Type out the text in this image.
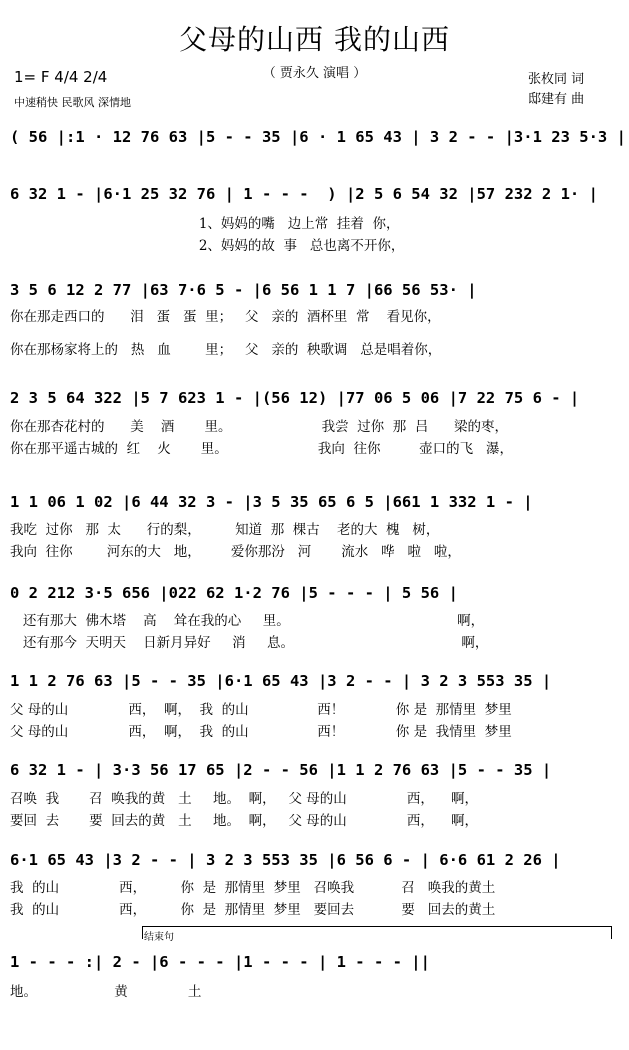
父母的山西 我的山西
（ 贾永久 演唱 ）
1= F 4/4 2/4
中速稍快 民歌风 深情地
张枚同 词
邸建有 曲
( 56 |:1 · 12 76 63 |5 - - 35 |6 · 1 65 43 | 3 2 - - |3·1 23 5·3 |
6 32 1 - |6·1 25 32 76 | 1 - - -  ) |2 5 6 54 32 |57 232 2 1· |
1、妈妈的嘴   边上常  挂着  你，
2、妈妈的故  事   总也离不开你，
3 5 6 12 2 77 |63 7·6 5 - |6 56 1 1 7 |66 56 53· |
你在那走西口的      泪   蛋   蛋  里；   父   亲的  酒杯里  常    看见你，
你在那杨家将上的   热   血        里；   父   亲的  秧歌调   总是唱着你，
2 3 5 64 322 |5 7 623 1 - |(56 12) |77 06 5 06 |7 22 75 6 - |
你在那杏花村的      美    酒       里。                     我尝  过你  那  吕      梁的枣，
你在那平遥古城的  红    火       里。                     我向  往你         壶口的飞   瀑，
1 1 06 1 02 |6 44 32 3 - |3 5 35 65 6 5 |661 1 332 1 - |
我吃  过你   那  太      行的梨，        知道  那  棵古    老的大  槐   树，
我向  往你        河东的大   地，       爱你那汾   河       流水   哗   啦   啦，
0 2 212 3·5 656 |022 62 1·2 76 |5 - - - | 5 56 |
还有那大  佛木塔    高    耸在我的心     里。                                       啊，
还有那今  天明天    日新月异好     消     息。                                       啊，
1 1 2 76 63 |5 - - 35 |6·1 65 43 |3 2 - - | 3 2 3 553 35 |
父 母的山              西，  啊，  我  的山                西！            你 是  那情里  梦里
父 母的山              西，  啊，  我  的山                西！            你 是  我情里  梦里
6 32 1 - | 3·3 56 17 65 |2 - - 56 |1 1 2 76 63 |5 - - 35 |
召唤  我       召  唤我的黄   土     地。  啊，   父 母的山              西，    啊，
要回  去       要  回去的黄   土     地。  啊，   父 母的山              西，    啊，
6·1 65 43 |3 2 - - | 3 2 3 553 35 |6 56 6 - | 6·6 61 2 26 |
我  的山              西，        你  是  那情里  梦里   召唤我           召   唤我的黄土
我  的山              西，        你  是  那情里  梦里   要回去           要   回去的黄土
结束句
1 - - - :| 2 - |6 - - - |1 - - - | 1 - - - ||
地。                  黄              土
